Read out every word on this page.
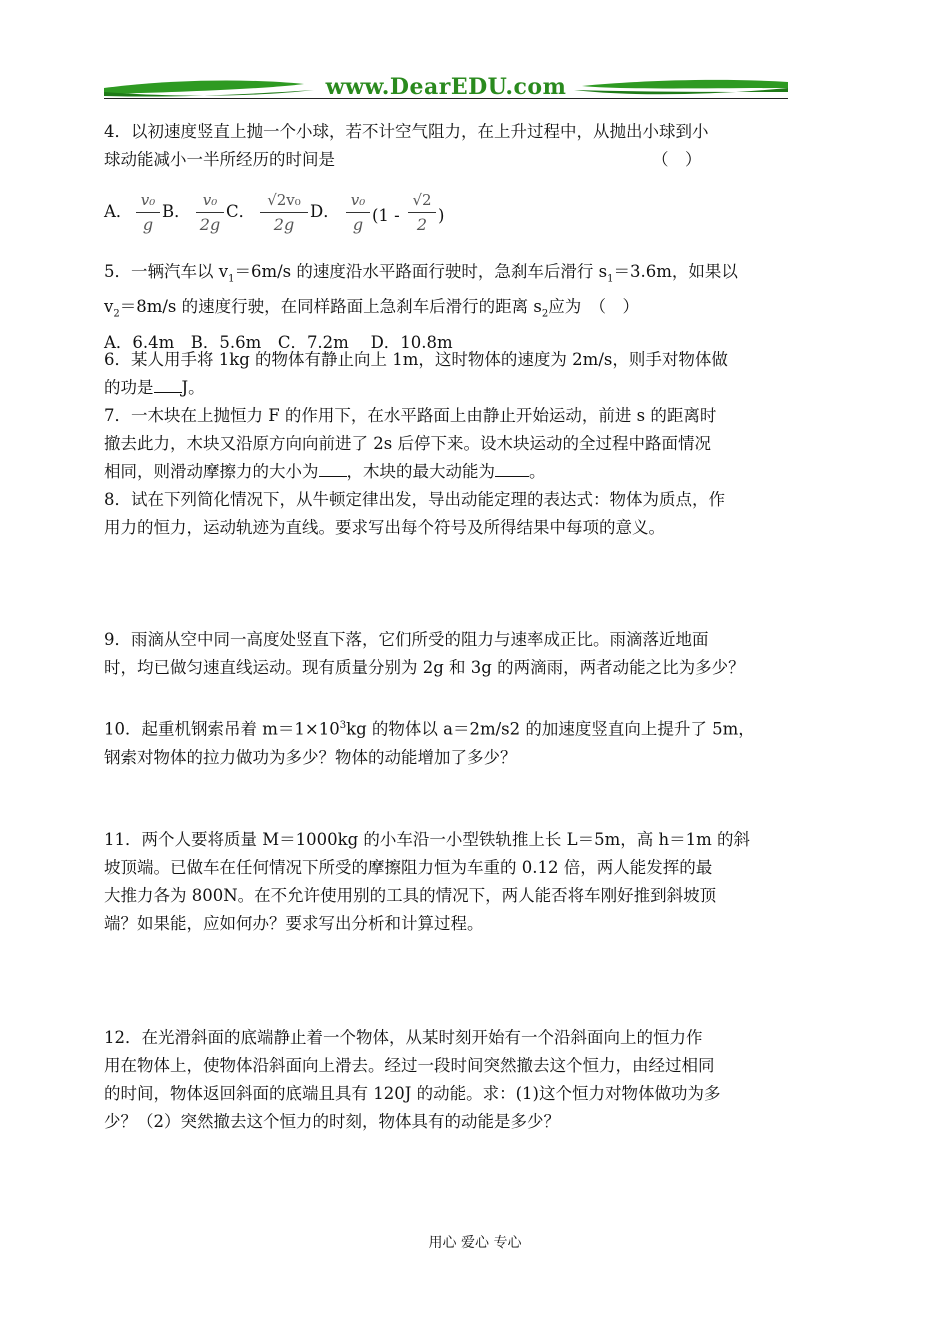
www.DearEDU.com
4．以初速度竖直上抛一个小球，若不计空气阻力，在上升过程中，从抛出小球到小
球动能减小一半所经历的时间是	（　）
A．
v₀
g
B．
v₀
2g
C．
√2v₀
2g
D．
v₀
g (1 -
√2
2 )
5．一辆汽车以 $v_1=6m/s$ 的速度沿水平路面行驶时，急刹车后滑行 $s_1=3.6m$，如果以
$v_2=8m/s$ 的速度行驶，在同样路面上急刹车后滑行的距离 $s_2$应为　（　）
A．6.4m　B．5.6m　C．7.2m　 D．10.8m
6．某人用手将 1kg 的物体有静止向上 1m，这时物体的速度为 2m/s，则手对物体做
的功是 J。
7．一木块在上抛恒力 F 的作用下，在水平路面上由静止开始运动，前进 s 的距离时
撤去此力，木块又沿原方向向前进了 2s 后停下来。设木块运动的全过程中路面情况
相同，则滑动摩擦力的大小为 ，木块的最大动能为 。
8．试在下列简化情况下，从牛顿定律出发，导出动能定理的表达式：物体为质点，作
用力的恒力，运动轨迹为直线。要求写出每个符号及所得结果中每项的意义。
9．雨滴从空中同一高度处竖直下落，它们所受的阻力与速率成正比。雨滴落近地面
时，均已做匀速直线运动。现有质量分别为 2g 和 3g 的两滴雨，两者动能之比为多少？
10．起重机钢索吊着 $m=1\times 10^3kg$ 的物体以 a＝2m/s2 的加速度竖直向上提升了 5m，
钢索对物体的拉力做功为多少？物体的动能增加了多少？
11．两个人要将质量 M＝1000kg 的小车沿一小型铁轨推上长 L＝5m，高 h＝1m 的斜
坡顶端。已做车在任何情况下所受的摩擦阻力恒为车重的 0.12 倍，两人能发挥的最
大推力各为 800N。在不允许使用别的工具的情况下，两人能否将车刚好推到斜坡顶
端？如果能，应如何办？要求写出分析和计算过程。
12．在光滑斜面的底端静止着一个物体，从某时刻开始有一个沿斜面向上的恒力作
用在物体上，使物体沿斜面向上滑去。经过一段时间突然撤去这个恒力，由经过相同
的时间，物体返回斜面的底端且具有 120J 的动能。求：(1)这个恒力对物体做功为多
少？（2）突然撤去这个恒力的时刻，物体具有的动能是多少？
用心 爱心 专心
